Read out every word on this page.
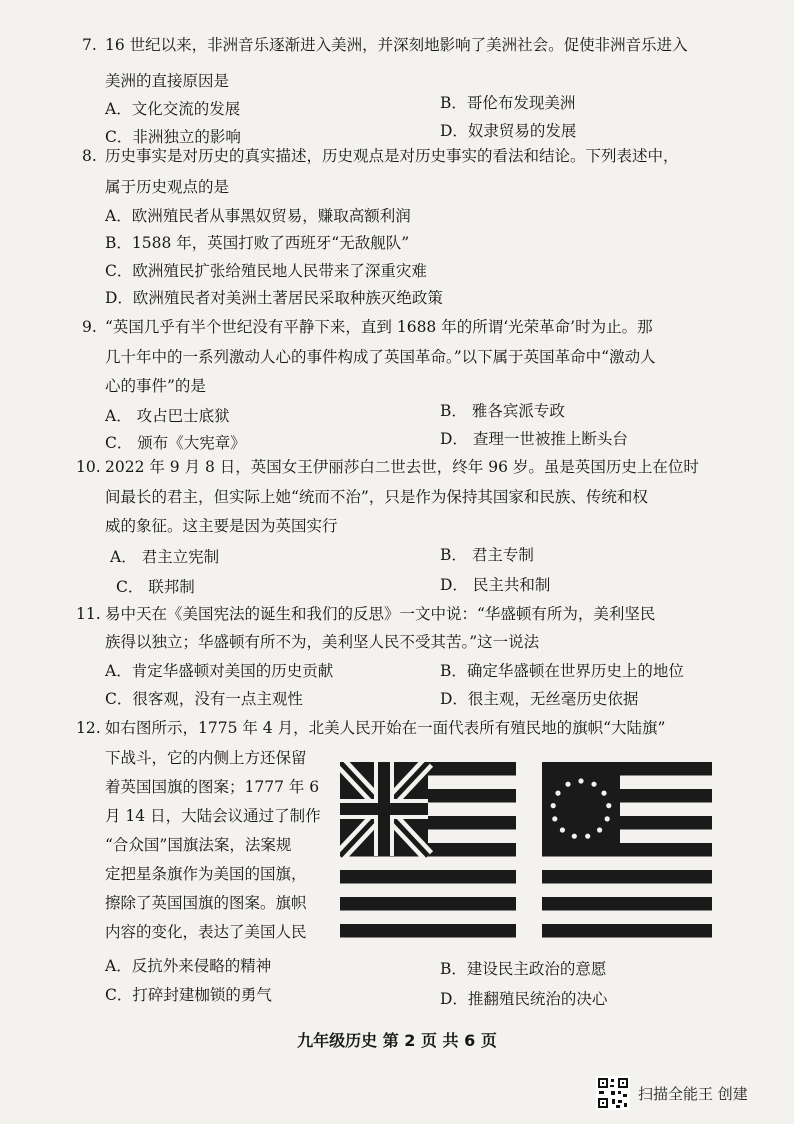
7. 16 世纪以来，非洲音乐逐渐进入美洲，并深刻地影响了美洲社会。促使非洲音乐进入
美洲的直接原因是
A．文化交流的发展	B．哥伦布发现美洲
C．非洲独立的影响	D．奴隶贸易的发展
8. 历史事实是对历史的真实描述，历史观点是对历史事实的看法和结论。下列表述中，
属于历史观点的是
A．欧洲殖民者从事黑奴贸易，赚取高额利润
B．1588 年，英国打败了西班牙“无敌舰队”
C．欧洲殖民扩张给殖民地人民带来了深重灾难
D．欧洲殖民者对美洲土著居民采取种族灭绝政策
9. “英国几乎有半个世纪没有平静下来，直到 1688 年的所谓‘光荣革命’时为止。那
几十年中的一系列激动人心的事件构成了英国革命。”以下属于英国革命中“激动人
心的事件”的是
A． 攻占巴士底狱	B． 雅各宾派专政
C． 颁布《大宪章》	D． 查理一世被推上断头台
10. 2022 年 9 月 8 日，英国女王伊丽莎白二世去世，终年 96 岁。虽是英国历史上在位时
间最长的君主，但实际上她“统而不治”，只是作为保持其国家和民族、传统和权
威的象征。这主要是因为英国实行
A． 君主立宪制	B． 君主专制
C． 联邦制	D． 民主共和制
11. 易中天在《美国宪法的诞生和我们的反思》一文中说：“华盛顿有所为，美利坚民
族得以独立；华盛顿有所不为，美利坚人民不受其苦。”这一说法
A．肯定华盛顿对美国的历史贡献	B．确定华盛顿在世界历史上的地位
C．很客观，没有一点主观性	D．很主观，无丝毫历史依据
12. 如右图所示，1775 年 4 月，北美人民开始在一面代表所有殖民地的旗帜“大陆旗”
下战斗，它的内侧上方还保留
着英国国旗的图案；1777 年 6
月 14 日，大陆会议通过了制作
“合众国”国旗法案，法案规
定把星条旗作为美国的国旗，
擦除了英国国旗的图案。旗帜
内容的变化，表达了美国人民
A．反抗外来侵略的精神	B．建设民主政治的意愿
C．打碎封建枷锁的勇气	D．推翻殖民统治的决心
九年级历史 第 2 页 共 6 页
扫描全能王 创建
